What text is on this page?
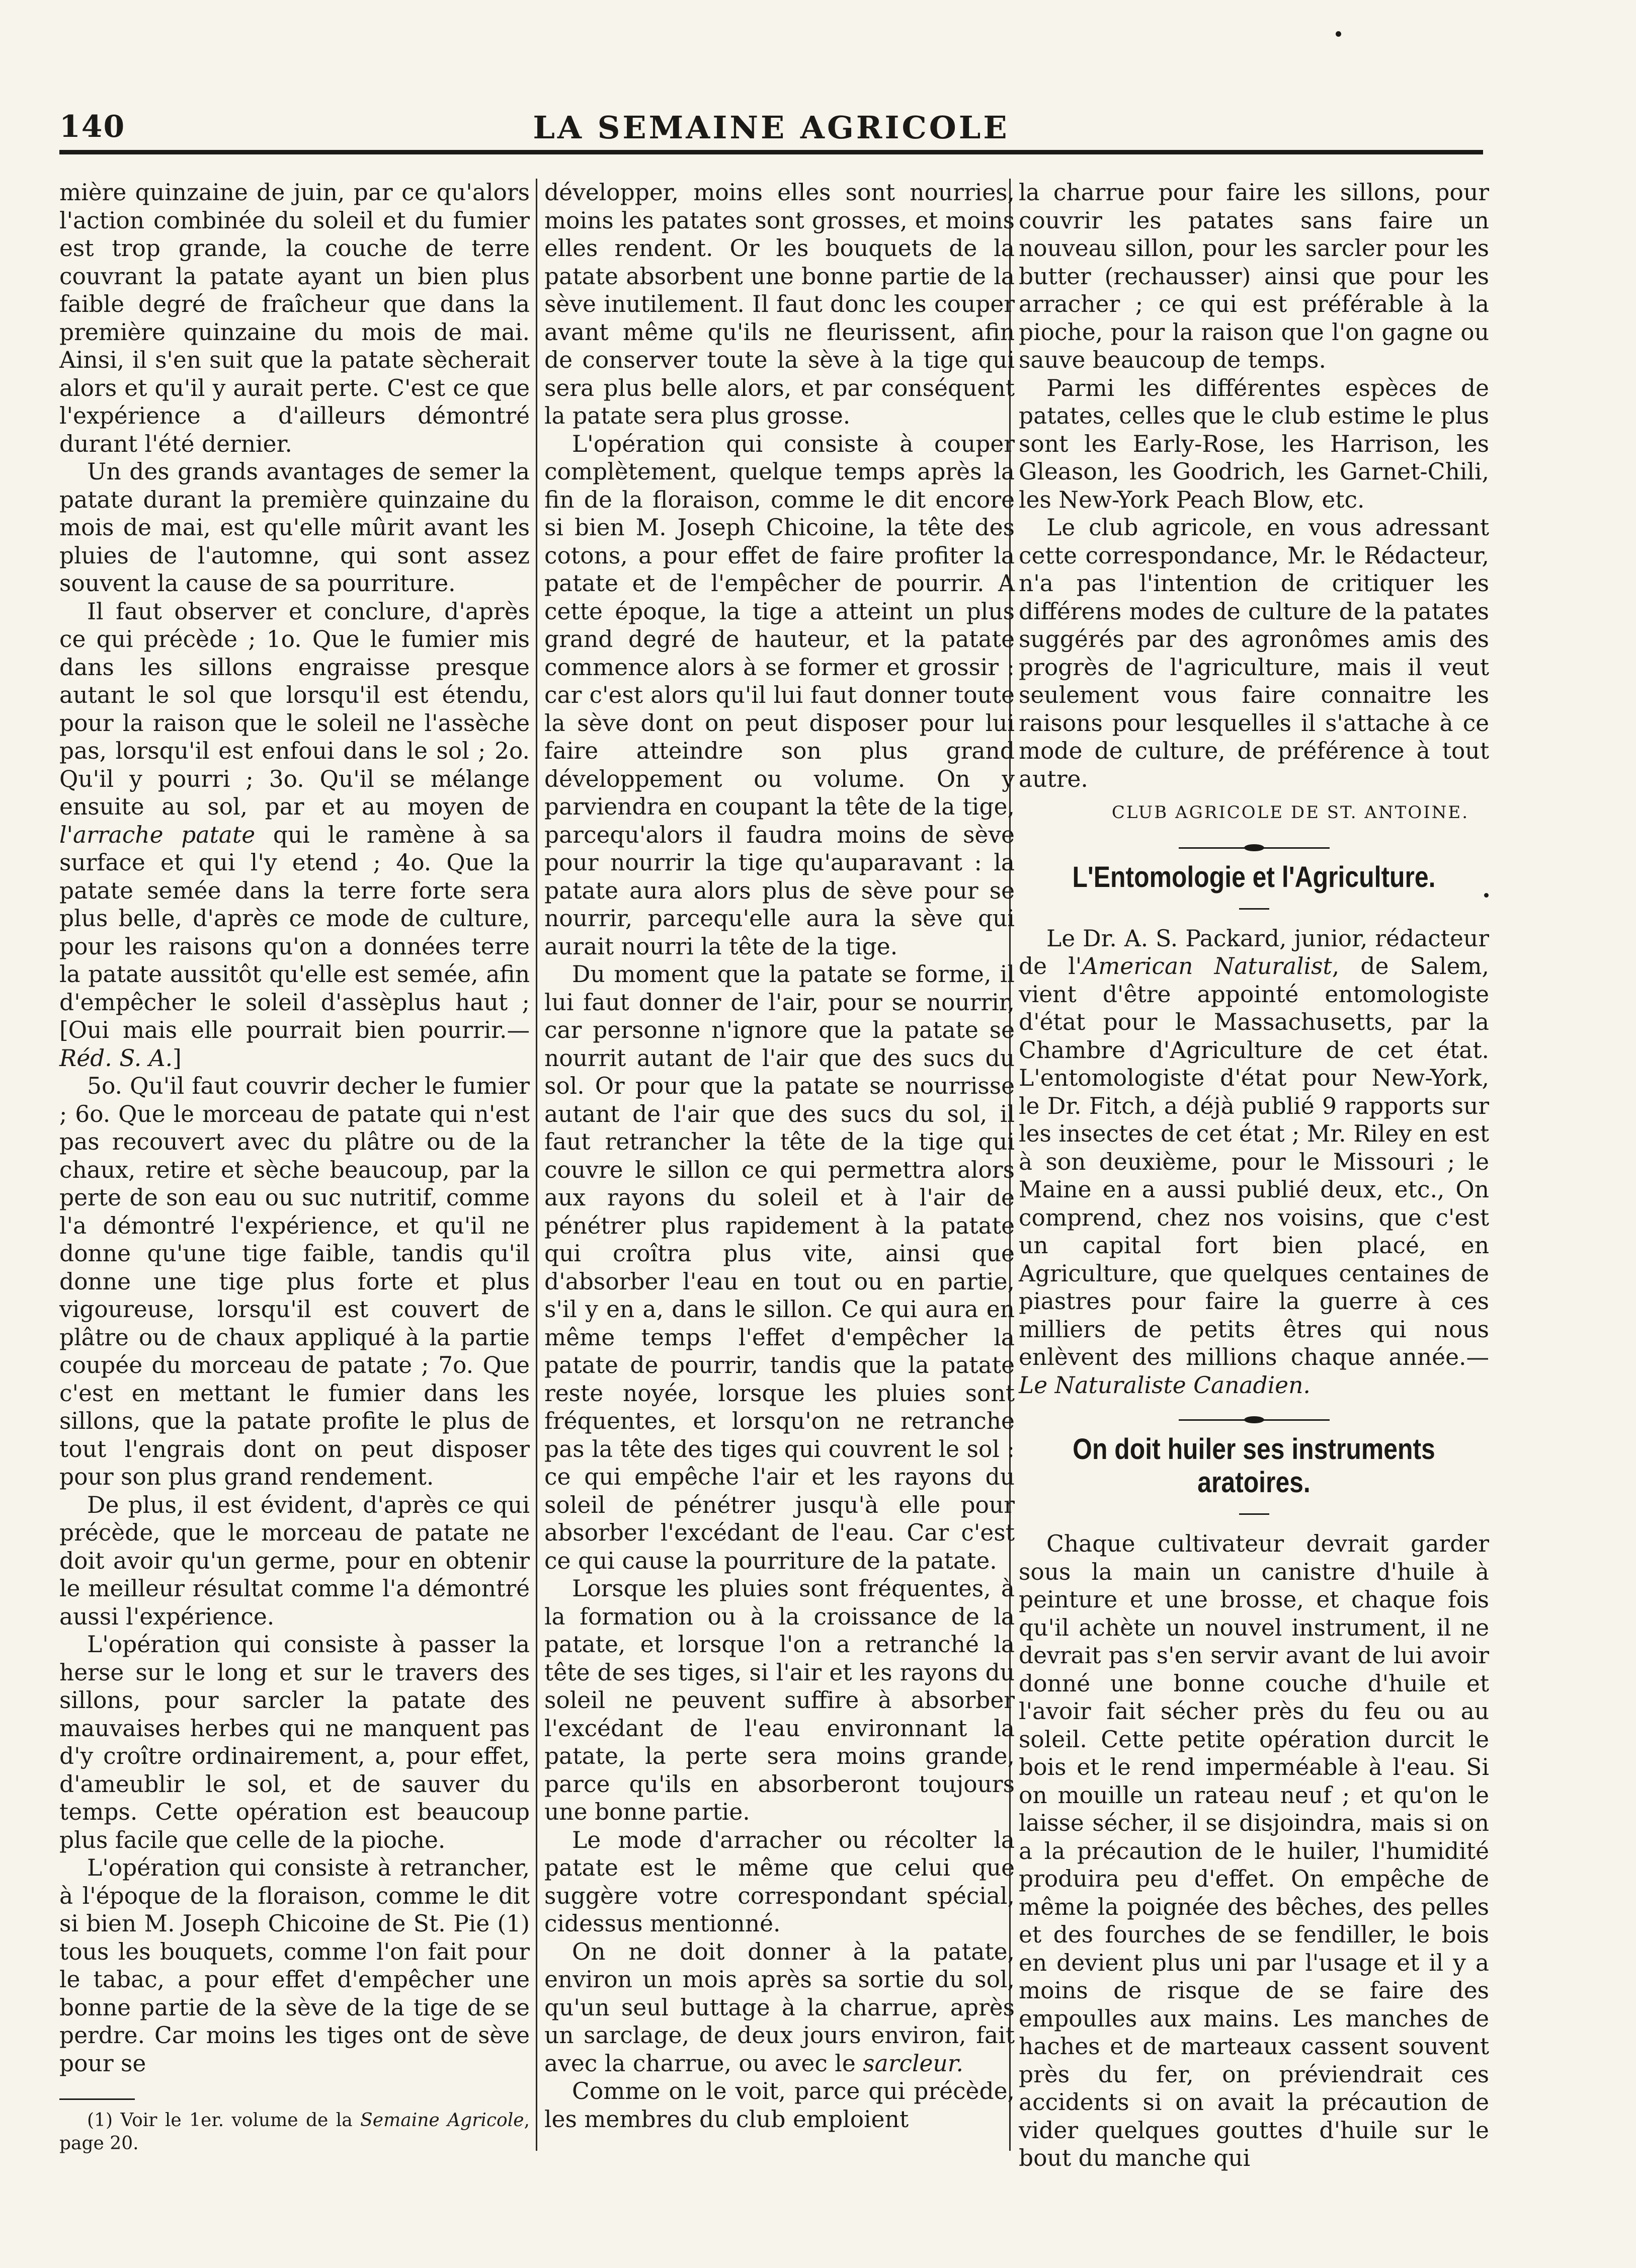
140	LA SEMAINE AGRICOLE

mière quinzaine de juin, par ce qu'alors l'action combinée du soleil et du fumier est trop grande, la couche de terre couvrant la patate ayant un bien plus faible degré de fraîcheur que dans la première quinzaine du mois de mai. Ainsi, il s'en suit que la patate sècherait alors et qu'il y aurait perte. C'est ce que l'expérience a d'ailleurs démontré durant l'été dernier.

Un des grands avantages de semer la patate durant la première quinzaine du mois de mai, est qu'elle mûrit avant les pluies de l'automne, qui sont assez souvent la cause de sa pourriture.

Il faut observer et conclure, d'après ce qui précède ; 1o. Que le fumier mis dans les sillons engraisse presque autant le sol que lorsqu'il est étendu, pour la raison que le soleil ne l'assèche pas, lorsqu'il est enfoui dans le sol ; 2o. Qu'il y pourri ; 3o. Qu'il se mélange ensuite au sol, par et au moyen de l'arrache patate qui le ramène à sa surface et qui l'y etend ; 4o. Que la patate semée dans la terre forte sera plus belle, d'après ce mode de culture, pour les raisons qu'on a données terre la patate aussitôt qu'elle est semée, afin d'empêcher le soleil d'assèplus haut ; [Oui mais elle pourrait bien pourrir.—Réd. S. A.]

5o. Qu'il faut couvrir decher le fumier ; 6o. Que le morceau de patate qui n'est pas recouvert avec du plâtre ou de la chaux, retire et sèche beaucoup, par la perte de son eau ou suc nutritif, comme l'a démontré l'expérience, et qu'il ne donne qu'une tige faible, tandis qu'il donne une tige plus forte et plus vigoureuse, lorsqu'il est couvert de plâtre ou de chaux appliqué à la partie coupée du morceau de patate ; 7o. Que c'est en mettant le fumier dans les sillons, que la patate profite le plus de tout l'engrais dont on peut disposer pour son plus grand rendement.

De plus, il est évident, d'après ce qui précède, que le morceau de patate ne doit avoir qu'un germe, pour en obtenir le meilleur résultat comme l'a démontré aussi l'expérience.

L'opération qui consiste à passer la herse sur le long et sur le travers des sillons, pour sarcler la patate des mauvaises herbes qui ne manquent pas d'y croître ordinairement, a, pour effet, d'ameublir le sol, et de sauver du temps. Cette opération est beaucoup plus facile que celle de la pioche.

L'opération qui consiste à retrancher, à l'époque de la floraison, comme le dit si bien M. Joseph Chicoine de St. Pie (1) tous les bouquets, comme l'on fait pour le tabac, a pour effet d'empêcher une bonne partie de la sève de la tige de se perdre. Car moins les tiges ont de sève pour se

(1) Voir le 1er. volume de la Semaine Agricole, page 20.

développer, moins elles sont nourries, moins les patates sont grosses, et moins elles rendent. Or les bouquets de la patate absorbent une bonne partie de la sève inutilement. Il faut donc les couper avant même qu'ils ne fleurissent, afin de conserver toute la sève à la tige qui sera plus belle alors, et par conséquent la patate sera plus grosse.

L'opération qui consiste à couper complètement, quelque temps après la fin de la floraison, comme le dit encore si bien M. Joseph Chicoine, la tête des cotons, a pour effet de faire profiter la patate et de l'empêcher de pourrir. A cette époque, la tige a atteint un plus grand degré de hauteur, et la patate commence alors à se former et grossir : car c'est alors qu'il lui faut donner toute la sève dont on peut disposer pour lui faire atteindre son plus grand développement ou volume. On y parviendra en coupant la tête de la tige, parcequ'alors il faudra moins de sève pour nourrir la tige qu'auparavant : la patate aura alors plus de sève pour se nourrir, parcequ'elle aura la sève qui aurait nourri la tête de la tige.

Du moment que la patate se forme, il lui faut donner de l'air, pour se nourrir, car personne n'ignore que la patate se nourrit autant de l'air que des sucs du sol. Or pour que la patate se nourrisse autant de l'air que des sucs du sol, il faut retrancher la tête de la tige qui couvre le sillon ce qui permettra alors aux rayons du soleil et à l'air de pénétrer plus rapidement à la patate qui croîtra plus vite, ainsi que d'absorber l'eau en tout ou en partie, s'il y en a, dans le sillon. Ce qui aura en même temps l'effet d'empêcher la patate de pourrir, tandis que la patate reste noyée, lorsque les pluies sont fréquentes, et lorsqu'on ne retranche pas la tête des tiges qui couvrent le sol : ce qui empêche l'air et les rayons du soleil de pénétrer jusqu'à elle pour absorber l'excédant de l'eau. Car c'est ce qui cause la pourriture de la patate.

Lorsque les pluies sont fréquentes, à la formation ou à la croissance de la patate, et lorsque l'on a retranché la tête de ses tiges, si l'air et les rayons du soleil ne peuvent suffire à absorber l'excédant de l'eau environnant la patate, la perte sera moins grande, parce qu'ils en absorberont toujours une bonne partie.

Le mode d'arracher ou récolter la patate est le même que celui que suggère votre correspondant spécial, cidessus mentionné.

On ne doit donner à la patate, environ un mois après sa sortie du sol, qu'un seul buttage à la charrue, après un sarclage, de deux jours environ, fait avec la charrue, ou avec le sarcleur.

Comme on le voit, parce qui précède, les membres du club emploient

la charrue pour faire les sillons, pour couvrir les patates sans faire un nouveau sillon, pour les sarcler pour les butter (rechausser) ainsi que pour les arracher ; ce qui est préférable à la pioche, pour la raison que l'on gagne ou sauve beaucoup de temps.

Parmi les différentes espèces de patates, celles que le club estime le plus sont les Early-Rose, les Harrison, les Gleason, les Goodrich, les Garnet-Chili, les New-York Peach Blow, etc.

Le club agricole, en vous adressant cette correspondance, Mr. le Rédacteur, n'a pas l'intention de critiquer les différens modes de culture de la patates suggérés par des agronômes amis des progrès de l'agriculture, mais il veut seulement vous faire connaitre les raisons pour lesquelles il s'attache à ce mode de culture, de préférence à tout autre.

CLUB AGRICOLE DE ST. ANTOINE.
L'Entomologie et l'Agriculture.

Le Dr. A. S. Packard, junior, rédacteur de l'American Naturalist, de Salem, vient d'être appointé entomologiste d'état pour le Massachusetts, par la Chambre d'Agriculture de cet état. L'entomologiste d'état pour New-York, le Dr. Fitch, a déjà publié 9 rapports sur les insectes de cet état ; Mr. Riley en est à son deuxième, pour le Missouri ; le Maine en a aussi publié deux, etc., On comprend, chez nos voisins, que c'est un capital fort bien placé, en Agriculture, que quelques centaines de piastres pour faire la guerre à ces milliers de petits êtres qui nous enlèvent des millions chaque année.—Le Naturaliste Canadien.

On doit huiler ses instruments aratoires.

Chaque cultivateur devrait garder sous la main un canistre d'huile à peinture et une brosse, et chaque fois qu'il achète un nouvel instrument, il ne devrait pas s'en servir avant de lui avoir donné une bonne couche d'huile et l'avoir fait sécher près du feu ou au soleil. Cette petite opération durcit le bois et le rend imperméable à l'eau. Si on mouille un rateau neuf ; et qu'on le laisse sécher, il se disjoindra, mais si on a la précaution de le huiler, l'humidité produira peu d'effet. On empêche de même la poignée des bêches, des pelles et des fourches de se fendiller, le bois en devient plus uni par l'usage et il y a moins de risque de se faire des empoulles aux mains. Les manches de haches et de marteaux cassent souvent près du fer, on préviendrait ces accidents si on avait la précaution de vider quelques gouttes d'huile sur le bout du manche qui
